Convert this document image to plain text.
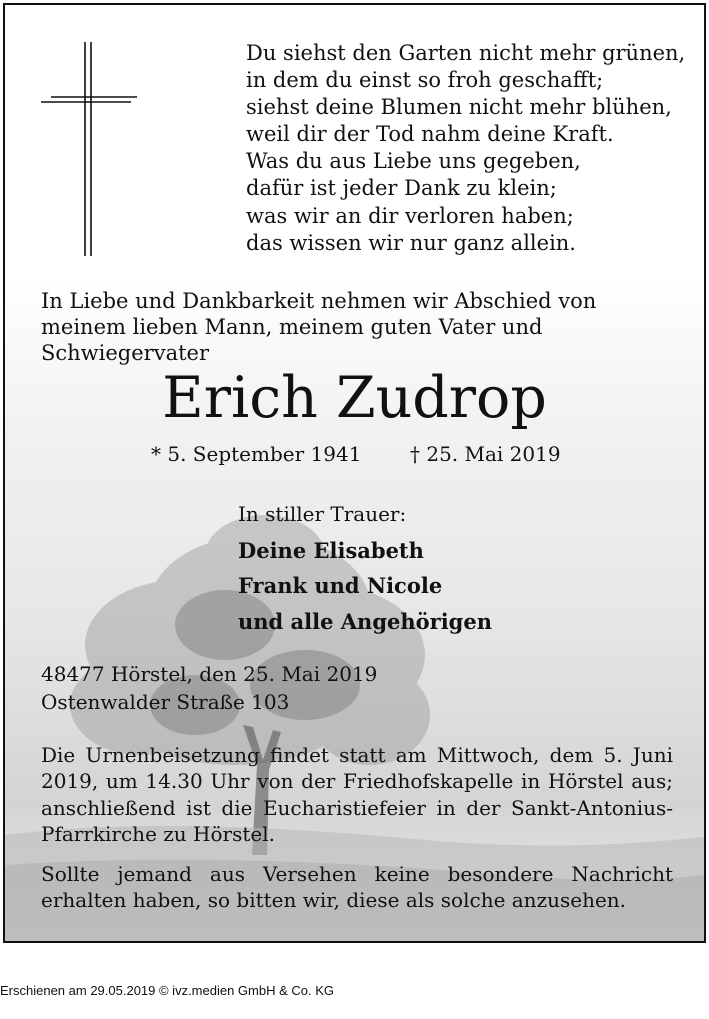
Du siehst den Garten nicht mehr grünen,
in dem du einst so froh geschafft;
siehst deine Blumen nicht mehr blühen,
weil dir der Tod nahm deine Kraft.
Was du aus Liebe uns gegeben,
dafür ist jeder Dank zu klein;
was wir an dir verloren haben;
das wissen wir nur ganz allein.
In Liebe und Dankbarkeit nehmen wir Abschied von meinem lieben Mann, meinem guten Vater und Schwiegervater
Erich Zudrop
* 5. September 1941 † 25. Mai 2019
In stiller Trauer:
Deine Elisabeth
Frank und Nicole
und alle Angehörigen
48477 Hörstel, den 25. Mai 2019
Ostenwalder Straße 103
Die Urnenbeisetzung findet statt am Mittwoch, dem 5. Juni 2019, um 14.30 Uhr von der Friedhofskapelle in Hörstel aus; anschließend ist die Eucharistiefeier in der Sankt-Antonius-Pfarrkirche zu Hörstel.
Sollte jemand aus Versehen keine besondere Nachricht erhalten haben, so bitten wir, diese als solche anzusehen.
Erschienen am 29.05.2019 © ivz.medien GmbH & Co. KG
